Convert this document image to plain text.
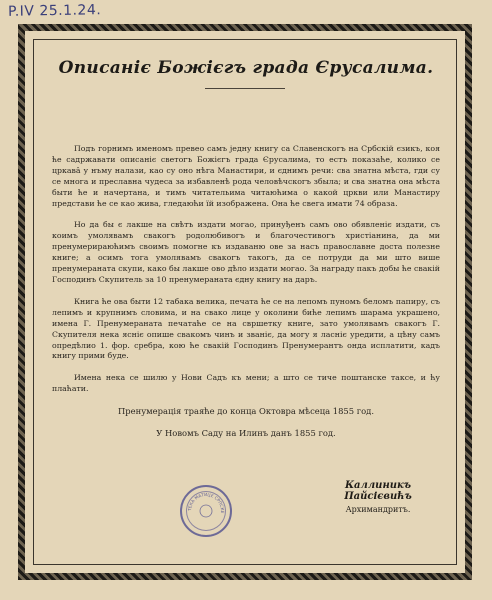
P.IV 25.1.24.
Описаніє Божієгъ града Єрусалима.

Подъ горнимъ именомъ превео самъ једну книгу са Славенскогъ на Србскій єзикъ, коя ће садржавати описаніє светогъ Божієгъ града Єрусалима, то естъ показаће, колико се цркавâ у нъму налази, као су оно нѣга Манастири, и єднимъ речи: сва знатна мѣста, гди су се многа и преславна чудеса за избавленѣ рода человѣчскогъ збыла; и сва знатна она мѣста быти ће и начертана, и тимъ читательима читаюћима о какой цркви или Манастиру представи ће се као жива, гледаюћи їй изображена. Она ће свега имати 74 образа.

Но да бы є лакше на свѣтъ издати могао, принуђенъ самъ ово обявленіє издати, съ коимъ умолявамъ свакогъ родолюбивогъ и благочестивогъ христіанина, да ми пренумерираюћимъ своимъ помогне къ издаваню ове за насъ православне доста полезне книге; а осимъ тога умолявамъ свакогъ такогъ, да се потруди да ми што више пренумераната скупи, како бы лакше ово дѣло издати могао. За награду пакъ добы ће свакій Господинъ Скупитель за 10 пренумераната єдну книгу на даръ.

Книга ће ова быти 12 табака велика, печата ће се на лепомъ пуномъ беломъ папиру, съ лепимъ и крупнимъ словима, и на свако лице у околини биће лепимъ шарама украшено, имена Г. Пренумераната печатаће се на свршетку книге, зато умолявамъ свакогъ Г. Скупителя нека ясніє опише свакомъ чинъ и званіє, да могу я ласніє уредити, а цѣну самъ опредѣлио 1. фор. сребра, кою ће свакій Господинъ Пренумерантъ онда исплатити, кадъ книгу прими буде.

Имена нека се шилю у Нови Садъ къ мени; а што се тиче поштанске таксе, и ћу плаћати.

Пренумерація траяће до конца Октовра мѣсеца 1855 год.

У Новомъ Саду на Илинъ данъ 1855 год.

ТЕКА МАТИЦЕ СРПСКЕ
Каллиникъ Пайсієвићъ
Архимандритъ.
